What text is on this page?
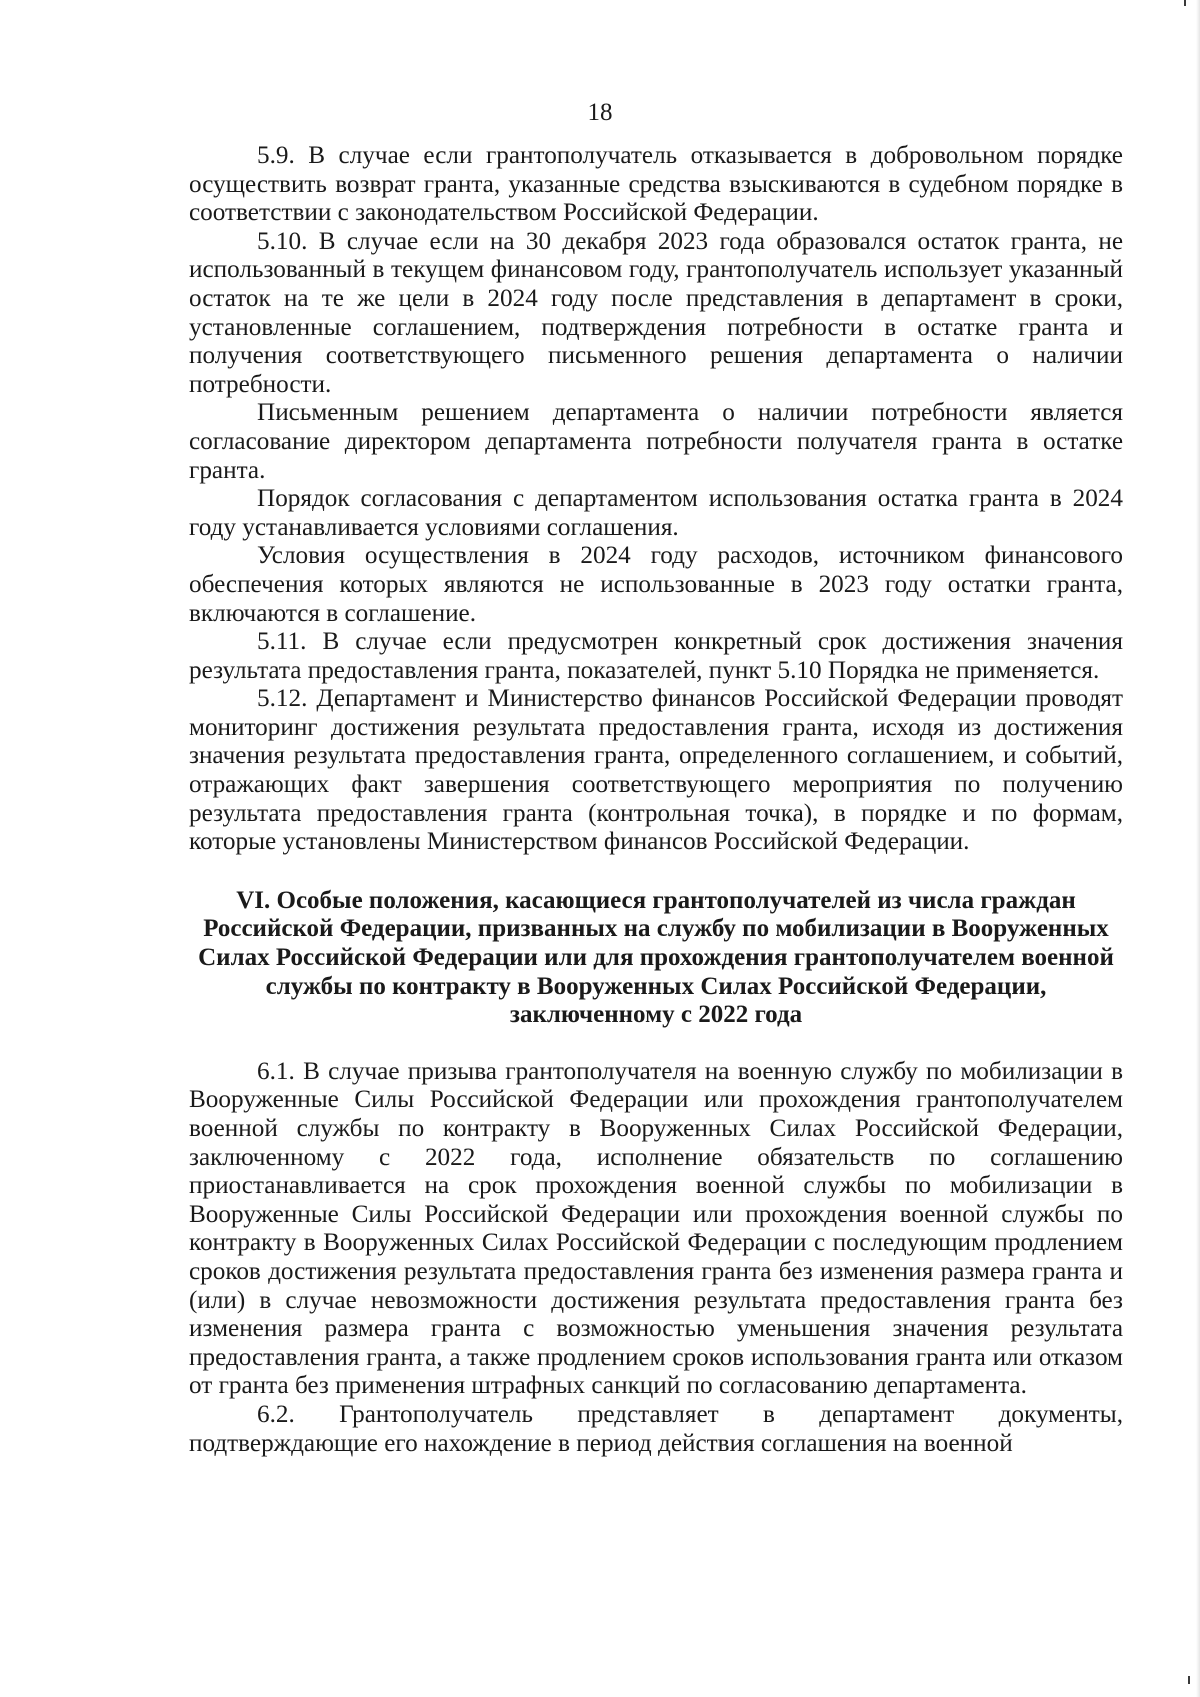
18

5.9. В случае если грантополучатель отказывается в добровольном порядке осуществить возврат гранта, указанные средства взыскиваются в судебном порядке в соответствии с законодательством Российской Федерации.

5.10. В случае если на 30 декабря 2023 года образовался остаток гранта, не использованный в текущем финансовом году, грантополучатель использует указанный остаток на те же цели в 2024 году после представления в департамент в сроки, установленные соглашением, подтверждения потребности в остатке гранта и получения соответствующего письменного решения департамента о наличии потребности.

Письменным решением департамента о наличии потребности является согласование директором департамента потребности получателя гранта в остатке гранта.

Порядок согласования с департаментом использования остатка гранта в 2024 году устанавливается условиями соглашения.

Условия осуществления в 2024 году расходов, источником финансового обеспечения которых являются не использованные в 2023 году остатки гранта, включаются в соглашение.

5.11. В случае если предусмотрен конкретный срок достижения значения результата предоставления гранта, показателей, пункт 5.10 Порядка не применяется.

5.12. Департамент и Министерство финансов Российской Федерации проводят мониторинг достижения результата предоставления гранта, исходя из достижения значения результата предоставления гранта, определенного соглашением, и событий, отражающих факт завершения соответствующего мероприятия по получению результата предоставления гранта (контрольная точка), в порядке и по формам, которые установлены Министерством финансов Российской Федерации.

VI. Особые положения, касающиеся грантополучателей из числа граждан Российской Федерации, призванных на службу по мобилизации в Вооруженных Силах Российской Федерации или для прохождения грантополучателем военной службы по контракту в Вооруженных Силах Российской Федерации, заключенному с 2022 года

6.1. В случае призыва грантополучателя на военную службу по мобилизации в Вооруженные Силы Российской Федерации или прохождения грантополучателем военной службы по контракту в Вооруженных Силах Российской Федерации, заключенному с 2022 года, исполнение обязательств по соглашению приостанавливается на срок прохождения военной службы по мобилизации в Вооруженные Силы Российской Федерации или прохождения военной службы по контракту в Вооруженных Силах Российской Федерации с последующим продлением сроков достижения результата предоставления гранта без изменения размера гранта и (или) в случае невозможности достижения результата предоставления гранта без изменения размера гранта с возможностью уменьшения значения результата предоставления гранта, а также продлением сроков использования гранта или отказом от гранта без применения штрафных санкций по согласованию департамента.

6.2. Грантополучатель представляет в департамент документы, подтверждающие его нахождение в период действия соглашения на военной
